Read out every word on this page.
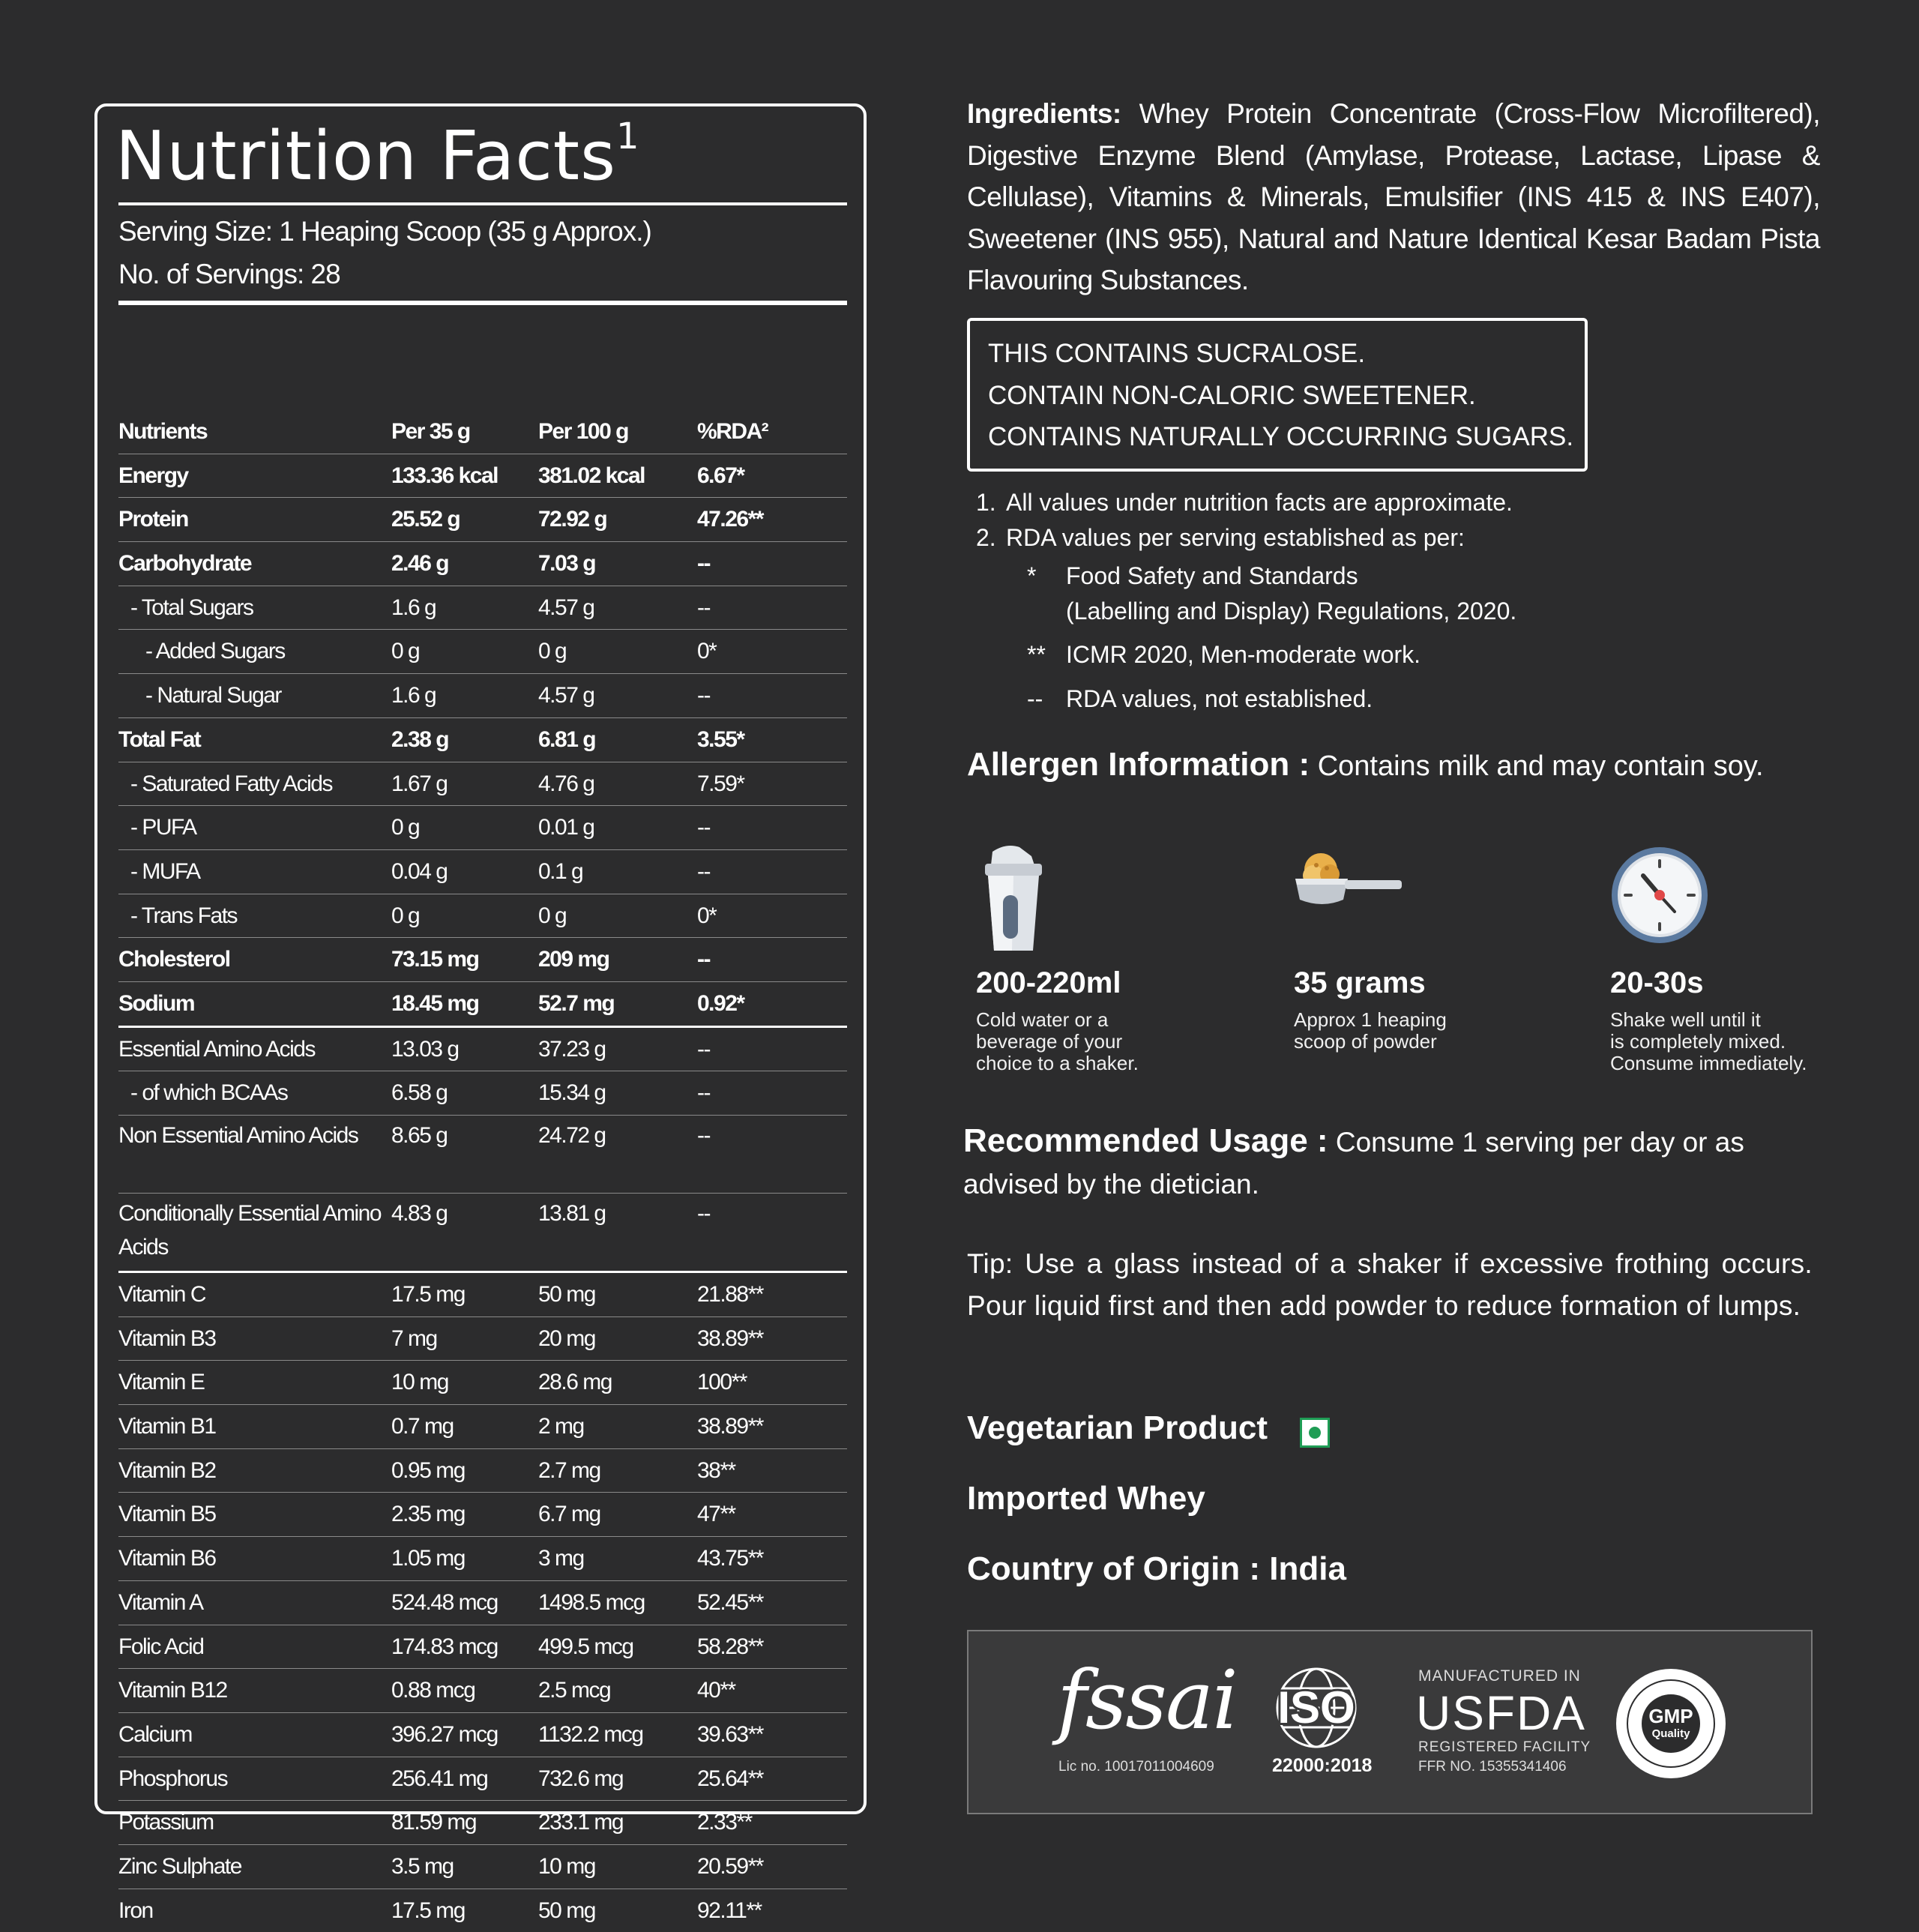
Nutrition Facts$^1$
Serving Size: 1 Heaping Scoop (35 g Approx.)
No. of Servings: 28
Nutrients	Per 35 g	Per 100 g	%RDA²

Energy	133.36 kcal	381.02 kcal	6.67*

Protein	25.52 g	72.92 g	47.26**

Carbohydrate	2.46 g	7.03 g	--

- Total Sugars	1.6 g	4.57 g	--

- Added Sugars	0 g	0 g	0*

- Natural Sugar	1.6 g	4.57 g	--

Total Fat	2.38 g	6.81 g	3.55*

- Saturated Fatty Acids	1.67 g	4.76 g	7.59*

- PUFA	0 g	0.01 g	--

- MUFA	0.04 g	0.1 g	--

- Trans Fats	0 g	0 g	0*

Cholesterol	73.15 mg	209 mg	--

Sodium	18.45 mg	52.7 mg	0.92*

Essential Amino Acids	13.03 g	37.23 g	--

- of which BCAAs	6.58 g	15.34 g	--

Non Essential Amino Acids	8.65 g	24.72 g	--

Conditionally Essential Amino Acids	4.83 g	13.81 g	--

Vitamin C	17.5 mg	50 mg	21.88**

Vitamin B3	7 mg	20 mg	38.89**

Vitamin E	10 mg	28.6 mg	100**

Vitamin B1	0.7 mg	2 mg	38.89**

Vitamin B2	0.95 mg	2.7 mg	38**

Vitamin B5	2.35 mg	6.7 mg	47**

Vitamin B6	1.05 mg	3 mg	43.75**

Vitamin A	524.48 mcg	1498.5 mcg	52.45**

Folic Acid	174.83 mcg	499.5 mcg	58.28**

Vitamin B12	0.88 mcg	2.5 mcg	40**

Calcium	396.27 mcg	1132.2 mcg	39.63**

Phosphorus	256.41 mg	732.6 mg	25.64**

Potassium	81.59 mg	233.1 mg	2.33**

Zinc Sulphate	3.5 mg	10 mg	20.59**

Iron	17.5 mg	50 mg	92.11**

Ingredients: Whey Protein Concentrate (Cross-Flow Microfiltered), Digestive Enzyme Blend (Amylase, Protease, Lactase, Lipase & Cellulase), Vitamins & Minerals, Emulsifier (INS 415 & INS E407), Sweetener (INS 955), Natural and Nature Identical Kesar Badam Pista Flavouring Substances.

THIS CONTAINS SUCRALOSE.
CONTAIN NON-CALORIC SWEETENER.
CONTAINS NATURALLY OCCURRING SUGARS.
1. All values under nutrition facts are approximate.
2. RDA values per serving established as per:
* Food Safety and Standards
(Labelling and Display) Regulations, 2020.
** ICMR 2020, Men-moderate work.
-- RDA values, not established.
Allergen Information : Contains milk and may contain soy.
200-220ml
Cold water or a
beverage of your
choice to a shaker.
35 grams
Approx 1 heaping
scoop of powder
20-30s
Shake well until it
is completely mixed.
Consume immediately.

Recommended Usage : Consume 1 serving per day or as advised by the dietician.

Tip: Use a glass instead of a shaker if excessive frothing occurs. Pour liquid first and then add powder to reduce formation of lumps.

Vegetarian Product
Imported Whey
Country of Origin : India
fssai
Lic no. 10017011004609
ISO
22000:2018
MANUFACTURED IN
USFDA
REGISTERED FACILITY
FFR NO. 15355341406
GMP
Quality
